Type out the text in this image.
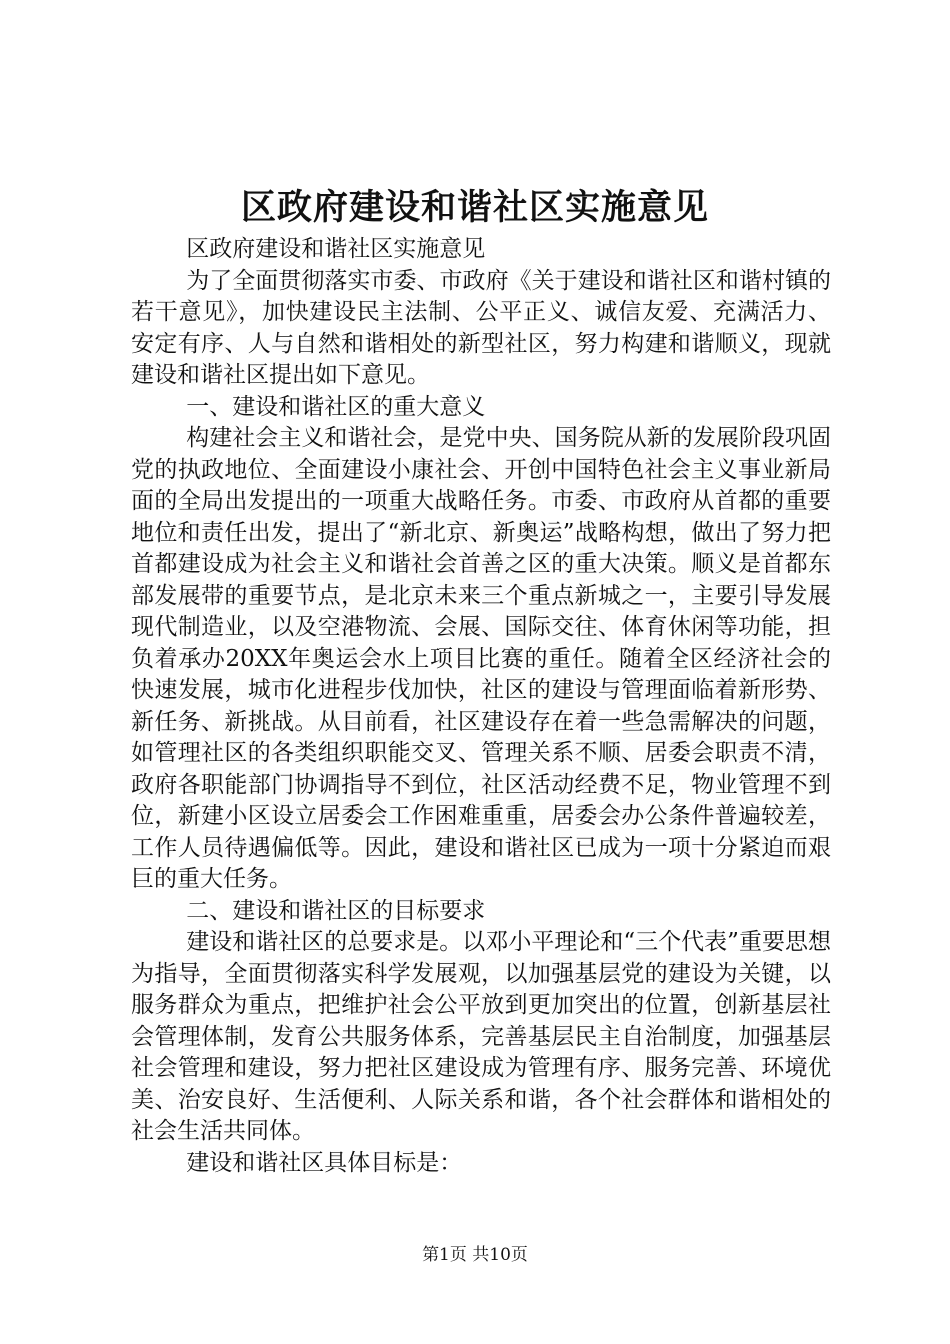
区政府建设和谐社区实施意见

区政府建设和谐社区实施意见

为了全面贯彻落实市委、市政府《关于建设和谐社区和谐村镇的若干意见》，加快建设民主法制、公平正义、诚信友爱、充满活力、安定有序、人与自然和谐相处的新型社区，努力构建和谐顺义，现就建设和谐社区提出如下意见。

一、建设和谐社区的重大意义

构建社会主义和谐社会，是党中央、国务院从新的发展阶段巩固党的执政地位、全面建设小康社会、开创中国特色社会主义事业新局面的全局出发提出的一项重大战略任务。市委、市政府从首都的重要地位和责任出发，提出了“新北京、新奥运”战略构想，做出了努力把首都建设成为社会主义和谐社会首善之区的重大决策。顺义是首都东部发展带的重要节点，是北京未来三个重点新城之一，主要引导发展现代制造业，以及空港物流、会展、国际交往、体育休闲等功能，担负着承办20XX年奥运会水上项目比赛的重任。随着全区经济社会的快速发展，城市化进程步伐加快，社区的建设与管理面临着新形势、新任务、新挑战。从目前看，社区建设存在着一些急需解决的问题，如管理社区的各类组织职能交叉、管理关系不顺、居委会职责不清，政府各职能部门协调指导不到位，社区活动经费不足，物业管理不到位，新建小区设立居委会工作困难重重，居委会办公条件普遍较差，工作人员待遇偏低等。因此，建设和谐社区已成为一项十分紧迫而艰巨的重大任务。

二、建设和谐社区的目标要求

建设和谐社区的总要求是。以邓小平理论和“三个代表”重要思想为指导，全面贯彻落实科学发展观，以加强基层党的建设为关键，以服务群众为重点，把维护社会公平放到更加突出的位置，创新基层社会管理体制，发育公共服务体系，完善基层民主自治制度，加强基层社会管理和建设，努力把社区建设成为管理有序、服务完善、环境优美、治安良好、生活便利、人际关系和谐，各个社会群体和谐相处的社会生活共同体。

建设和谐社区具体目标是：

第1页 共10页
